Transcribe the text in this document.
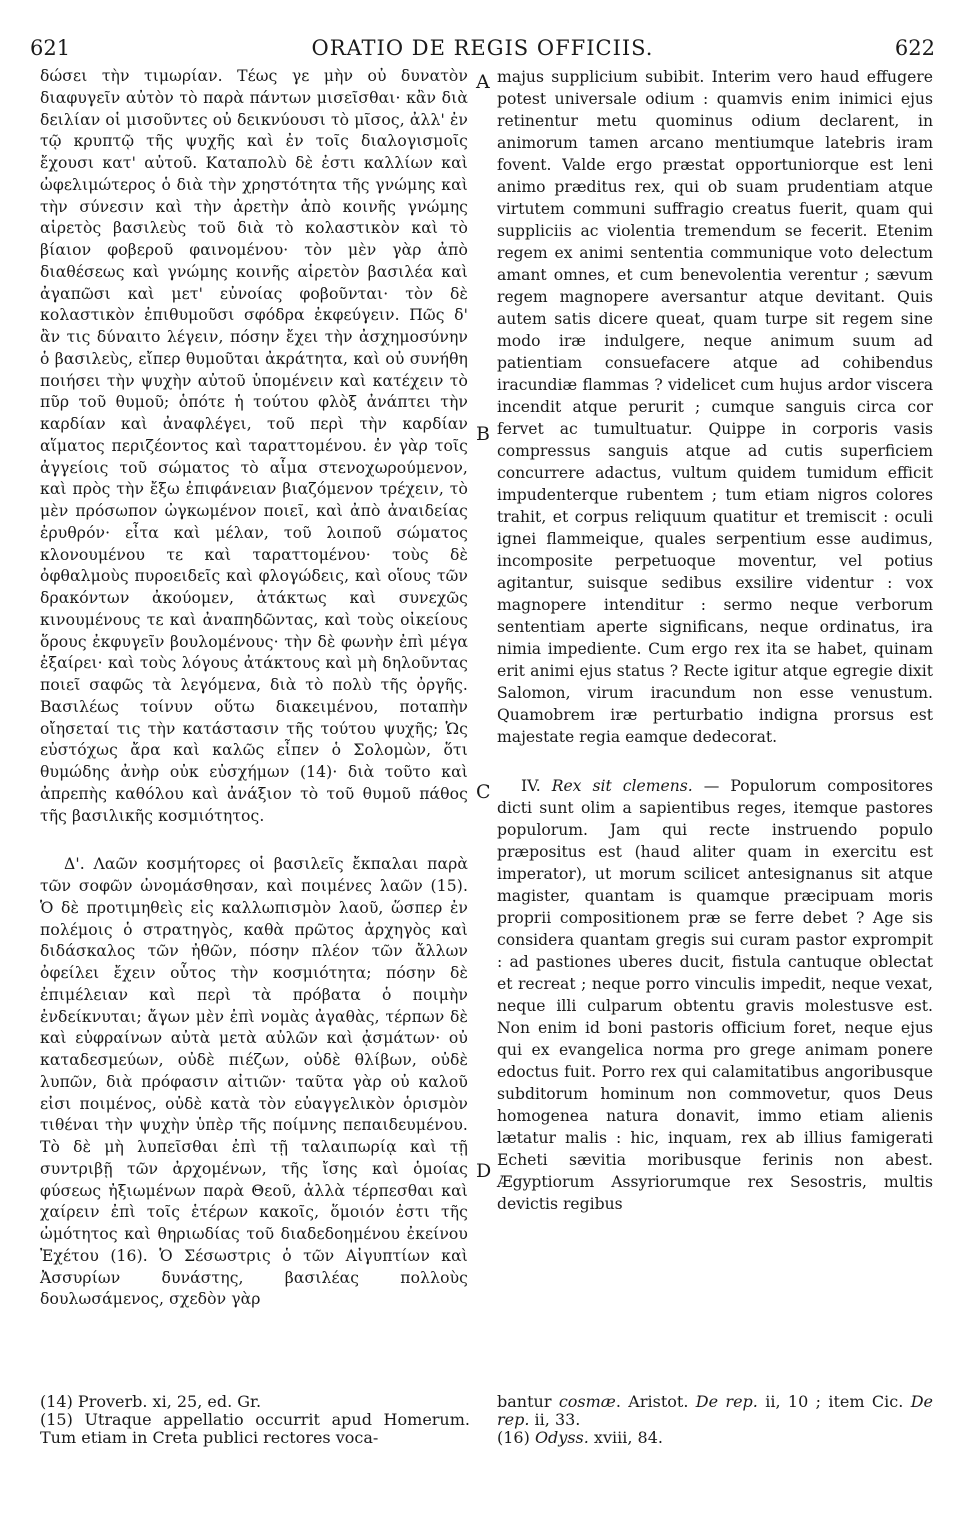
621	ORATIO DE REGIS OFFICIIS.	622

δώσει τὴν τιμωρίαν. Τέως γε μὴν οὐ δυνατὸν διαφυγεῖν αὐτὸν τὸ παρὰ πάντων μισεῖσθαι· κἂν διὰ δειλίαν οἱ μισοῦντες οὐ δεικνύουσι τὸ μῖσος, ἀλλ' ἐν τῷ κρυπτῷ τῆς ψυχῆς καὶ ἐν τοῖς διαλογισμοῖς ἔχουσι κατ' αὐτοῦ. Καταπολὺ δὲ ἐστι καλλίων καὶ ὠφελιμώτερος ὁ διὰ τὴν χρηστότητα τῆς γνώμης καὶ τὴν σύνεσιν καὶ τὴν ἀρετὴν ἀπὸ κοινῆς γνώμης αἱρετὸς βασιλεὺς τοῦ διὰ τὸ κολαστικὸν καὶ τὸ βίαιον φοβεροῦ φαινομένου· τὸν μὲν γὰρ ἀπὸ διαθέσεως καὶ γνώμης κοινῆς αἱρετὸν βασιλέα καὶ ἀγαπῶσι καὶ μετ' εὐνοίας φοβοῦνται· τὸν δὲ κολαστικὸν ἐπιθυμοῦσι σφόδρα ἐκφεύγειν. Πῶς δ' ἂν τις δύναιτο λέγειν, πόσην ἔχει τὴν ἀσχημοσύνην ὁ βασιλεὺς, εἴπερ θυμοῦται ἀκράτητα, καὶ οὐ συνήθη ποιήσει τὴν ψυχὴν αὐτοῦ ὑπομένειν καὶ κατέχειν τὸ πῦρ τοῦ θυμοῦ; ὁπότε ἡ τούτου φλὸξ ἀνάπτει τὴν καρδίαν καὶ ἀναφλέγει, τοῦ περὶ τὴν καρδίαν αἵματος περιζέοντος καὶ ταραττομένου. ἐν γὰρ τοῖς ἀγγείοις τοῦ σώματος τὸ αἷμα στενοχωρούμενον, καὶ πρὸς τὴν ἔξω ἐπιφάνειαν βιαζόμενον τρέχειν, τὸ μὲν πρόσωπον ὠγκωμένον ποιεῖ, καὶ ἀπὸ ἀναιδείας ἐρυθρόν· εἶτα καὶ μέλαν, τοῦ λοιποῦ σώματος κλονουμένου τε καὶ ταραττομένου· τοὺς δὲ ὀφθαλμοὺς πυροειδεῖς καὶ φλογώδεις, καὶ οἵους τῶν δρακόντων ἀκούομεν, ἀτάκτως καὶ συνεχῶς κινουμένους τε καὶ ἀναπηδῶντας, καὶ τοὺς οἰκείους ὅρους ἐκφυγεῖν βουλομένους· τὴν δὲ φωνὴν ἐπὶ μέγα ἐξαίρει· καὶ τοὺς λόγους ἀτάκτους καὶ μὴ δηλοῦντας ποιεῖ σαφῶς τὰ λεγόμενα, διὰ τὸ πολὺ τῆς ὀργῆς. Βασιλέως τοίνυν οὕτω διακειμένου, ποταπὴν οἴησεταί τις τὴν κατάστασιν τῆς τούτου ψυχῆς; Ὡς εὐστόχως ἄρα καὶ καλῶς εἶπεν ὁ Σολομὼν, ὅτι θυμώδης ἀνὴρ οὐκ εὐσχήμων (14)· διὰ τοῦτο καὶ ἀπρεπὴς καθόλου καὶ ἀνάξιον τὸ τοῦ θυμοῦ πάθος τῆς βασιλικῆς κοσμιότητος.

Δ'. Λαῶν κοσμήτορες οἱ βασιλεῖς ἔκπαλαι παρὰ τῶν σοφῶν ὠνομάσθησαν, καὶ ποιμένες λαῶν (15). Ὁ δὲ προτιμηθεὶς εἰς καλλωπισμὸν λαοῦ, ὥσπερ ἐν πολέμοις ὁ στρατηγὸς, καθὰ πρῶτος ἀρχηγὸς καὶ διδάσκαλος τῶν ἠθῶν, πόσην πλέον τῶν ἄλλων ὀφείλει ἔχειν οὗτος τὴν κοσμιότητα; πόσην δὲ ἐπιμέλειαν καὶ περὶ τὰ πρόβατα ὁ ποιμὴν ἐνδείκνυται; ἄγων μὲν ἐπὶ νομὰς ἀγαθὰς, τέρπων δὲ καὶ εὐφραίνων αὐτὰ μετὰ αὐλῶν καὶ ᾀσμάτων· οὐ καταδεσμεύων, οὐδὲ πιέζων, οὐδὲ θλίβων, οὐδὲ λυπῶν, διὰ πρόφασιν αἰτιῶν· ταῦτα γὰρ οὐ καλοῦ εἰσι ποιμένος, οὐδὲ κατὰ τὸν εὐαγγελικὸν ὁρισμὸν τιθέναι τὴν ψυχὴν ὑπὲρ τῆς ποίμνης πεπαιδευμένου. Τὸ δὲ μὴ λυπεῖσθαι ἐπὶ τῇ ταλαιπωρίᾳ καὶ τῇ συντριβῇ τῶν ἀρχομένων, τῆς ἴσης καὶ ὁμοίας φύσεως ἠξιωμένων παρὰ Θεοῦ, ἀλλὰ τέρπεσθαι καὶ χαίρειν ἐπὶ τοῖς ἑτέρων κακοῖς, ὅμοιόν ἐστι τῆς ὠμότητος καὶ θηριωδίας τοῦ διαδεδοημένου ἐκείνου Ἐχέτου (16). Ὁ Σέσωστρις ὁ τῶν Αἰγυπτίων καὶ Ἀσσυρίων δυνάστης, βασιλέας πολλοὺς δουλωσάμενος, σχεδὸν γὰρ

A
B
C
D

majus supplicium subibit. Interim vero haud effugere potest universale odium : quamvis enim inimici ejus retinentur metu quominus odium declarent, in animorum tamen arcano mentiumque latebris iram fovent. Valde ergo præstat opportuniorque est leni animo præditus rex, qui ob suam prudentiam atque virtutem communi suffragio creatus fuerit, quam qui suppliciis ac violentia tremendum se fecerit. Etenim regem ex animi sententia communique voto delectum amant omnes, et cum benevolentia verentur ; sævum regem magnopere aversantur atque devitant. Quis autem satis dicere queat, quam turpe sit regem sine modo iræ indulgere, neque animum suum ad patientiam consuefacere atque ad cohibendus iracundiæ flammas ? videlicet cum hujus ardor viscera incendit atque perurit ; cumque sanguis circa cor fervet ac tumultuatur. Quippe in corporis vasis compressus sanguis atque ad cutis superficiem concurrere adactus, vultum quidem tumidum efficit impudenterque rubentem ; tum etiam nigros colores trahit, et corpus reliquum quatitur et tremiscit : oculi ignei flammeique, quales serpentium esse audimus, incomposite perpetuoque moventur, vel potius agitantur, suisque sedibus exsilire videntur : vox magnopere intenditur : sermo neque verborum sententiam aperte significans, neque ordinatus, ira nimia impediente. Cum ergo rex ita se habet, quinam erit animi ejus status ? Recte igitur atque egregie dixit Salomon, virum iracundum non esse venustum. Quamobrem iræ perturbatio indigna prorsus est majestate regia eamque dedecorat.

IV. Rex sit clemens. — Populorum compositores dicti sunt olim a sapientibus reges, itemque pastores populorum. Jam qui recte instruendo populo præpositus est (haud aliter quam in exercitu est imperator), ut morum scilicet antesignanus sit atque magister, quantam is quamque præcipuam moris proprii compositionem præ se ferre debet ? Age sis considera quantam gregis sui curam pastor exprompit : ad pastiones uberes ducit, fistula cantuque oblectat et recreat ; neque porro vinculis impedit, neque vexat, neque illi culparum obtentu gravis molestusve est. Non enim id boni pastoris officium foret, neque ejus qui ex evangelica norma pro grege animam ponere edoctus fuit. Porro rex qui calamitatibus angoribusque subditorum hominum non commovetur, quos Deus homogenea natura donavit, immo etiam alienis lætatur malis : hic, inquam, rex ab illius famigerati Echeti sævitia moribusque ferinis non abest. Ægyptiorum Assyriorumque rex Sesostris, multis devictis regibus

(14) Proverb. xi, 25, ed. Gr.

(15) Utraque appellatio occurrit apud Homerum. Tum etiam in Creta publici rectores voca-

bantur cosmæ. Aristot. De rep. ii, 10 ; item Cic. De rep. ii, 33.

(16) Odyss. xviii, 84.
